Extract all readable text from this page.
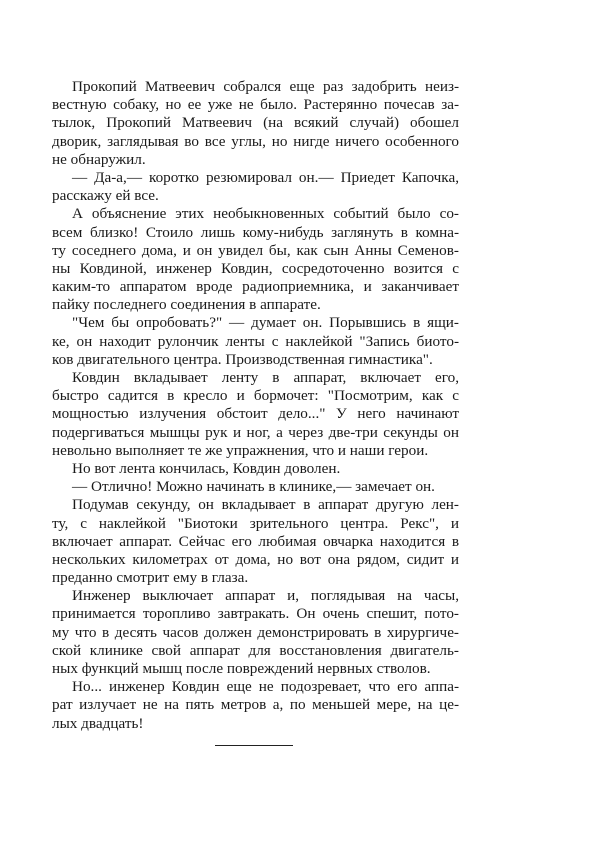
Прокопий Матвеевич собрался еще раз задобрить неиз-
вестную собаку, но ее уже не было. Растерянно почесав за-
тылок, Прокопий Матвеевич (на всякий случай) обошел
дворик, заглядывая во все углы, но нигде ничего особенного
не обнаружил.
— Да-а,— коротко резюмировал он.— Приедет Капочка,
расскажу ей все.
А объяснение этих необыкновенных событий было со-
всем близко! Стоило лишь кому-нибудь заглянуть в комна-
ту соседнего дома, и он увидел бы, как сын Анны Семенов-
ны Ковдиной, инженер Ковдин, сосредоточенно возится с
каким-то аппаратом вроде радиоприемника, и заканчивает
пайку последнего соединения в аппарате.
"Чем бы опробовать?" — думает он. Порывшись в ящи-
ке, он находит рулончик ленты с наклейкой "Запись биото-
ков двигательного центра. Производственная гимнастика".
Ковдин вкладывает ленту в аппарат, включает его,
быстро садится в кресло и бормочет: "Посмотрим, как с
мощностью излучения обстоит дело..." У него начинают
подергиваться мышцы рук и ног, а через две-три секунды он
невольно выполняет те же упражнения, что и наши герои.
Но вот лента кончилась, Ковдин доволен.
— Отлично! Можно начинать в клинике,— замечает он.
Подумав секунду, он вкладывает в аппарат другую лен-
ту, с наклейкой "Биотоки зрительного центра. Рекс", и
включает аппарат. Сейчас его любимая овчарка находится в
нескольких километрах от дома, но вот она рядом, сидит и
преданно смотрит ему в глаза.
Инженер выключает аппарат и, поглядывая на часы,
принимается торопливо завтракать. Он очень спешит, пото-
му что в десять часов должен демонстрировать в хирургиче-
ской клинике свой аппарат для восстановления двигатель-
ных функций мышц после повреждений нервных стволов.
Но... инженер Ковдин еще не подозревает, что его аппа-
рат излучает не на пять метров а, по меньшей мере, на це-
лых двадцать!
